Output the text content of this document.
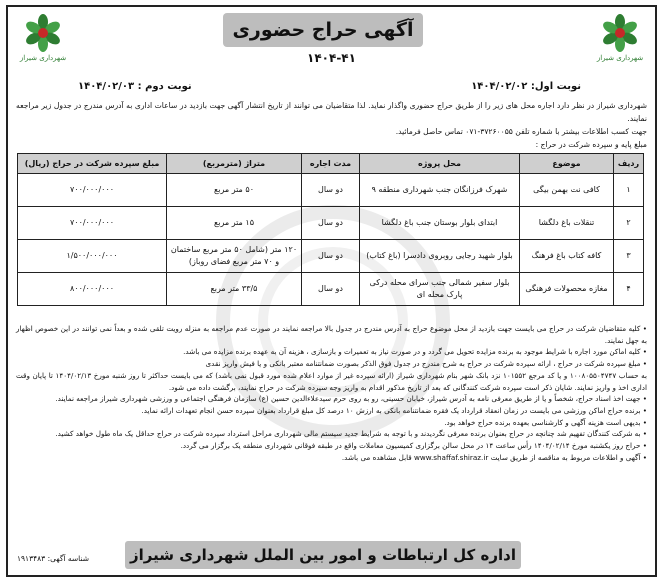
شهرداری شیراز
شهرداری شیراز
آگهی حراج حضوری
۱۴۰۴-۴۱
نوبت اول: ۱۴۰۴/۰۲/۰۲
نوبت دوم : ۱۴۰۴/۰۲/۰۳

شهرداری شیراز در نظر دارد اجاره محل های زیر را از طریق حراج حضوری واگذار نماید. لذا متقاضیان می توانند از تاریخ انتشار آگهی جهت بازدید در ساعات اداری به آدرس مندرج در جدول زیر مراجعه نمایند.

جهت کسب اطلاعات بیشتر با شماره تلفن ۳۷۲۶۰۰۵۵-۰۷۱ تماس حاصل فرمائید.

مبلغ پایه و سپرده شرکت در حراج :

ردیف	موضوع	محل پروژه	مدت اجاره	متراژ (مترمربع)	مبلغ سپرده شرکت در حراج (ریال)
۱	کافی نت بهمن بیگی	شهرک فرزانگان جنب شهرداری منطقه ۹	دو سال	۵۰ متر مربع	۷۰۰/۰۰۰/۰۰۰
۲	تنقلات باغ دلگشا	ابتدای بلوار بوستان جنب باغ دلگشا	دو سال	۱۵ متر مربع	۷۰۰/۰۰۰/۰۰۰
۳	کافه کتاب باغ فرهنگ	بلوار شهید رجایی روبروی دادسرا (باغ کتاب)	دو سال	۱۲۰ متر (شامل ۵۰ متر مربع ساختمان و ۷۰ متر مربع فضای روباز)	۱/۵۰۰/۰۰۰/۰۰۰
۴	مغازه محصولات فرهنگی	بلوار سفیر شمالی جنب سرای محله درکی پارک محله ای	دو سال	۳۳/۵ متر مربع	۸۰۰/۰۰۰/۰۰۰

• کلیه متقاضیان شرکت در حراج می بایست جهت بازدید از محل موضوع حراج به آدرس مندرج در جدول بالا مراجعه نمایند در صورت عدم مراجعه به منزله رویت تلقی شده و بعداً نمی توانند در این خصوص اظهار به جهل نمایند.

• کلیه اماکن مورد اجاره با شرایط موجود به برنده مزایده تحویل می گردد و در صورت نیاز به تعمیرات و بازسازی ، هزینه آن به عهده برنده مزایده می باشد.

• مبلغ سپرده شرکت در حراج ، ارائه سپرده شرکت در حراج به شرح مندرج در جدول فوق الذکر بصورت ضمانتنامه معتبر بانکی و یا فیش واریز نقدی

به حساب ۱۰۰۸۰۵۵۰۴۷۴۷ و یا کد مرجع ۱۰۱۵۵۲ نزد بانک شهر بنام شهرداری شیراز (ارائه سپرده غیر از موارد اعلام شده مورد قبول نمی باشد) که می بایست حداکثر تا روز شنبه مورخ ۱۴۰۴/۰۲/۱۳ تا پایان وقت اداری اخذ و واریز نمایند. شایان ذکر است سپرده شرکت کنندگانی که بعد از تاریخ مذکور اقدام به واریز وجه سپرده شرکت در حراج نمایند، برگشت داده می شود.

• جهت اخذ اسناد حراج، شخصاً و یا از طریق معرفی نامه به آدرس شیراز، خیابان حسینی، رو به روی حرم سیدعلاءالدین حسین (ع) سازمان فرهنگی اجتماعی و ورزشی شهرداری شیراز مراجعه نمایند.

• برنده حراج اماکن ورزشی می بایست در زمان انعقاد قرارداد یک فقره ضمانتنامه بانکی به ارزش ۱۰ درصد کل مبلغ قرارداد بعنوان سپرده حسن انجام تعهدات ارائه نماید.

• بدیهی است هزینه آگهی و کارشناسی بعهده برنده حراج خواهد بود.

• به شرکت کنندگان تفهیم شد چنانچه در حراج بعنوان برنده معرفی نگردیدند و با توجه به شرایط جدید سیستم مالی شهرداری مراحل استرداد سپرده شرکت در حراج حداقل یک ماه طول خواهد کشید.

• حراج روز یکشنبه مورخ ۱۴۰۴/۰۲/۱۴ رأس ساعت ۱۴ در محل سالن برگزاری کمیسیون معاملات واقع در طبقه فوقانی شهرداری منطقه یک برگزار می گردد.

• آگهی و اطلاعات مربوط به مناقصه از طریق سایت www.shaffaf.shiraz.ir قابل مشاهده می باشد.

اداره کل ارتباطات و امور بین الملل شهرداری شیراز
شناسه آگهی: ۱۹۱۳۴۸۳
